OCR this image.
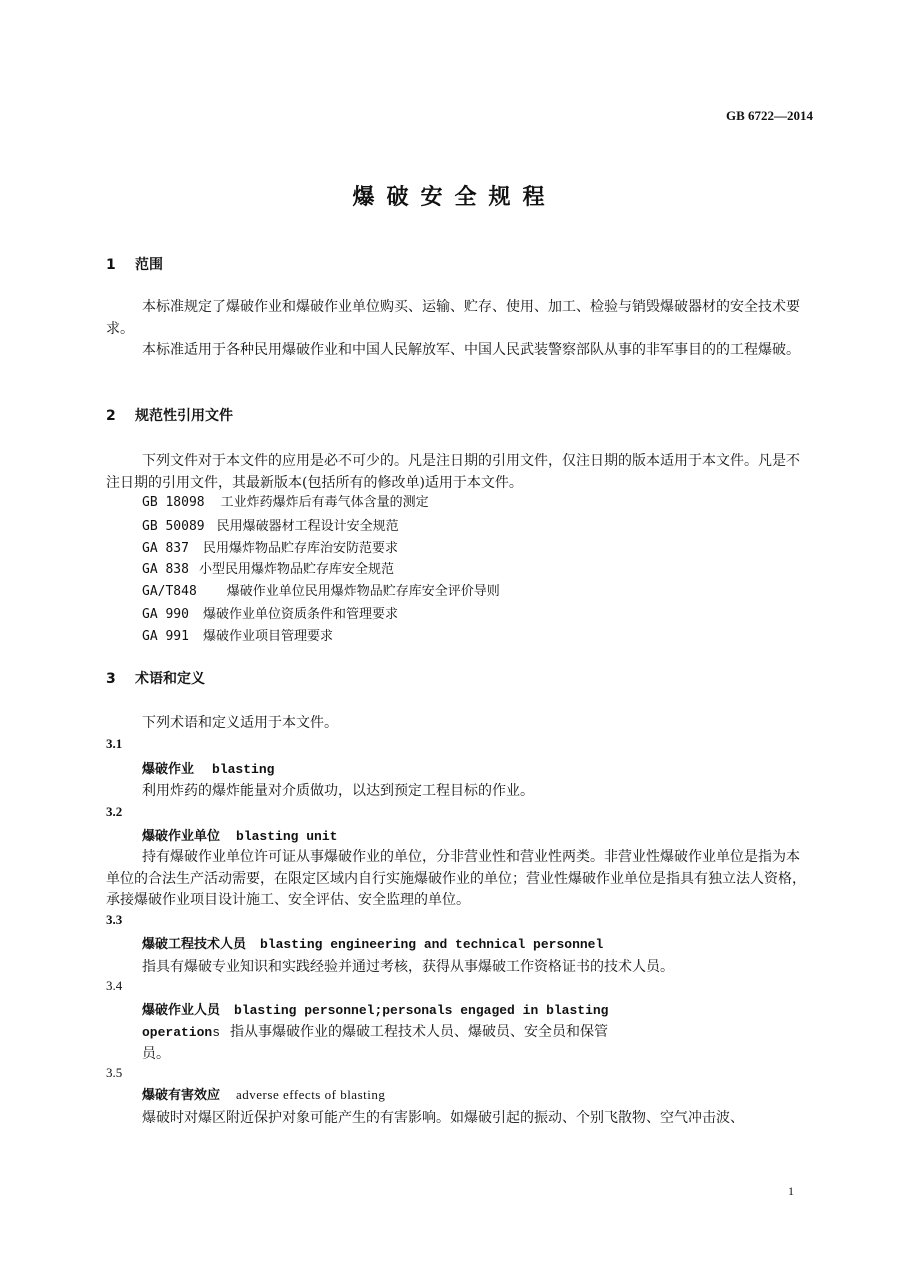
GB 6722—2014
爆破安全规程
1 范围
本标准规定了爆破作业和爆破作业单位购买、运输、贮存、使用、加工、检验与销毁爆破器材的安全技术要求。
本标准适用于各种民用爆破作业和中国人民解放军、中国人民武装警察部队从事的非军事目的的工程爆破。
2 规范性引用文件
下列文件对于本文件的应用是必不可少的。凡是注日期的引用文件，仅注日期的版本适用于本文件。凡是不注日期的引用文件，其最新版本(包括所有的修改单)适用于本文件。
GB 18098 工业炸药爆炸后有毒气体含量的测定
GB 50089 民用爆破器材工程设计安全规范
GA 837 民用爆炸物品贮存库治安防范要求
GA 838 小型民用爆炸物品贮存库安全规范
GA/T848 爆破作业单位民用爆炸物品贮存库安全评价导则
GA 990 爆破作业单位资质条件和管理要求
GA 991 爆破作业项目管理要求
3 术语和定义
下列术语和定义适用于本文件。
3.1
爆破作业 blasting
利用炸药的爆炸能量对介质做功，以达到预定工程目标的作业。
3.2
爆破作业单位 blasting unit
持有爆破作业单位许可证从事爆破作业的单位，分非营业性和营业性两类。非营业性爆破作业单位是指为本单位的合法生产活动需要，在限定区域内自行实施爆破作业的单位；营业性爆破作业单位是指具有独立法人资格，承接爆破作业项目设计施工、安全评估、安全监理的单位。
3.3
爆破工程技术人员 blasting engineering and technical personnel
指具有爆破专业知识和实践经验并通过考核，获得从事爆破工作资格证书的技术人员。
3.4
爆破作业人员 blasting personnel;personals engaged in blasting
operations 指从事爆破作业的爆破工程技术人员、爆破员、安全员和保管
员。
3.5
爆破有害效应 adverse effects of blasting
爆破时对爆区附近保护对象可能产生的有害影响。如爆破引起的振动、个别飞散物、空气冲击波、
1
